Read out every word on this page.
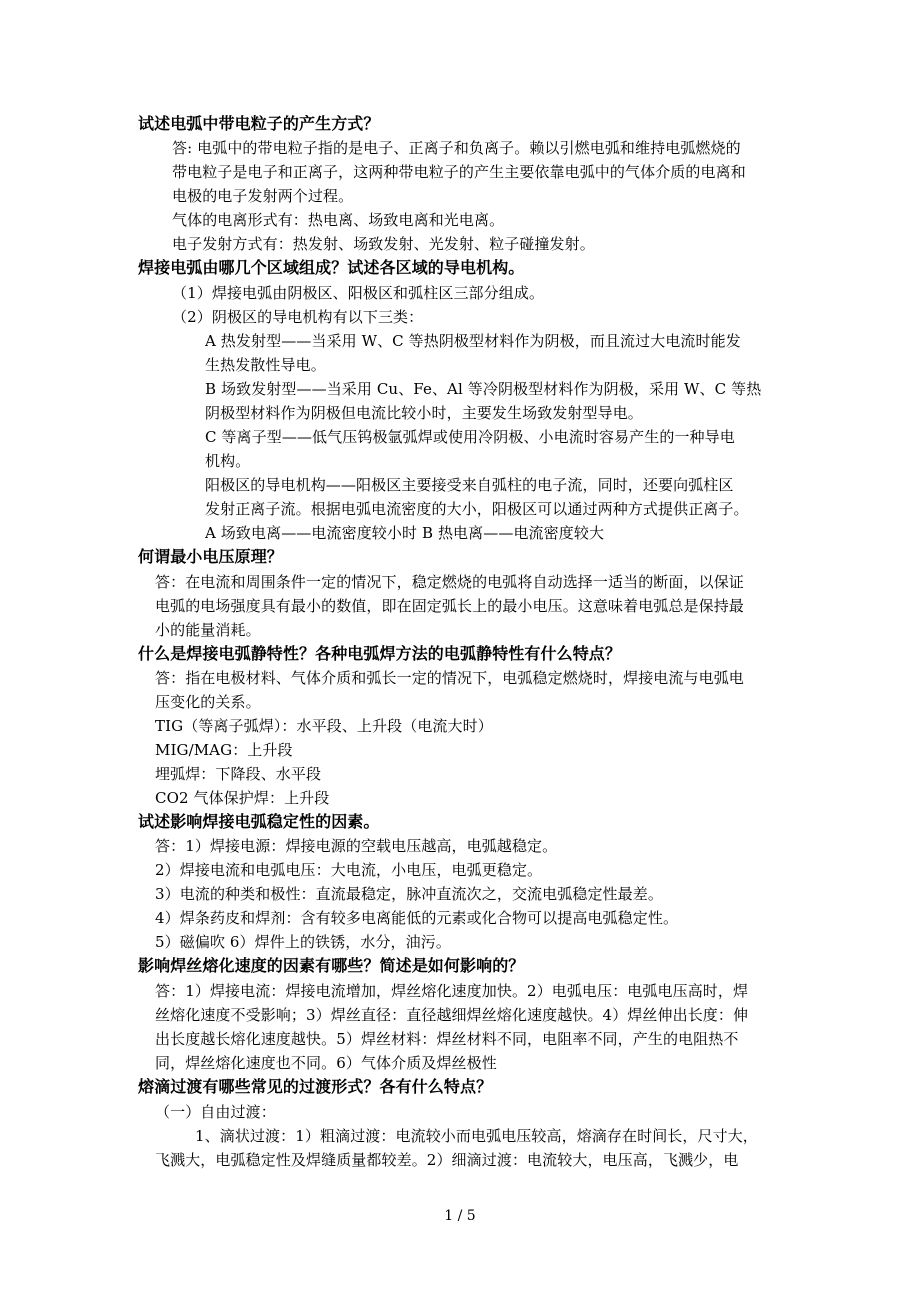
试述电弧中带电粒子的产生方式？
答: 电弧中的带电粒子指的是电子、正离子和负离子。赖以引燃电弧和维持电弧燃烧的
带电粒子是电子和正离子，这两种带电粒子的产生主要依靠电弧中的气体介质的电离和
电极的电子发射两个过程。
气体的电离形式有：热电离、场致电离和光电离。
电子发射方式有：热发射、场致发射、光发射、粒子碰撞发射。
焊接电弧由哪几个区域组成？试述各区域的导电机构。
（1）焊接电弧由阴极区、阳极区和弧柱区三部分组成。
（2）阴极区的导电机构有以下三类：
A 热发射型——当采用 W、C 等热阴极型材料作为阴极，而且流过大电流时能发
生热发散性导电。
B 场致发射型——当采用 Cu、Fe、Al 等冷阴极型材料作为阴极，采用 W、C 等热
阴极型材料作为阴极但电流比较小时，主要发生场致发射型导电。
C 等离子型——低气压钨极氩弧焊或使用冷阴极、小电流时容易产生的一种导电
机构。
阳极区的导电机构——阳极区主要接受来自弧柱的电子流，同时，还要向弧柱区
发射正离子流。根据电弧电流密度的大小，阳极区可以通过两种方式提供正离子。
A 场致电离——电流密度较小时 B 热电离——电流密度较大
何谓最小电压原理？
答：在电流和周围条件一定的情况下，稳定燃烧的电弧将自动选择一适当的断面，以保证
电弧的电场强度具有最小的数值，即在固定弧长上的最小电压。这意味着电弧总是保持最
小的能量消耗。
什么是焊接电弧静特性？各种电弧焊方法的电弧静特性有什么特点？
答：指在电极材料、气体介质和弧长一定的情况下，电弧稳定燃烧时，焊接电流与电弧电
压变化的关系。
TIG（等离子弧焊）：水平段、上升段（电流大时）
MIG/MAG：上升段
埋弧焊：下降段、水平段
CO2 气体保护焊：上升段
试述影响焊接电弧稳定性的因素。
答：1）焊接电源：焊接电源的空载电压越高，电弧越稳定。
2）焊接电流和电弧电压：大电流，小电压，电弧更稳定。
3）电流的种类和极性：直流最稳定，脉冲直流次之，交流电弧稳定性最差。
4）焊条药皮和焊剂：含有较多电离能低的元素或化合物可以提高电弧稳定性。
5）磁偏吹 6）焊件上的铁锈，水分，油污。
影响焊丝熔化速度的因素有哪些？简述是如何影响的？
答：1）焊接电流：焊接电流增加，焊丝熔化速度加快。2）电弧电压：电弧电压高时，焊
丝熔化速度不受影响；3）焊丝直径：直径越细焊丝熔化速度越快。4）焊丝伸出长度：伸
出长度越长熔化速度越快。5）焊丝材料：焊丝材料不同，电阻率不同，产生的电阻热不
同，焊丝熔化速度也不同。6）气体介质及焊丝极性
熔滴过渡有哪些常见的过渡形式？各有什么特点？
（一）自由过渡：
1、滴状过渡：1）粗滴过渡：电流较小而电弧电压较高，熔滴存在时间长，尺寸大，
飞溅大，电弧稳定性及焊缝质量都较差。2）细滴过渡：电流较大，电压高，飞溅少，电
1 / 5
